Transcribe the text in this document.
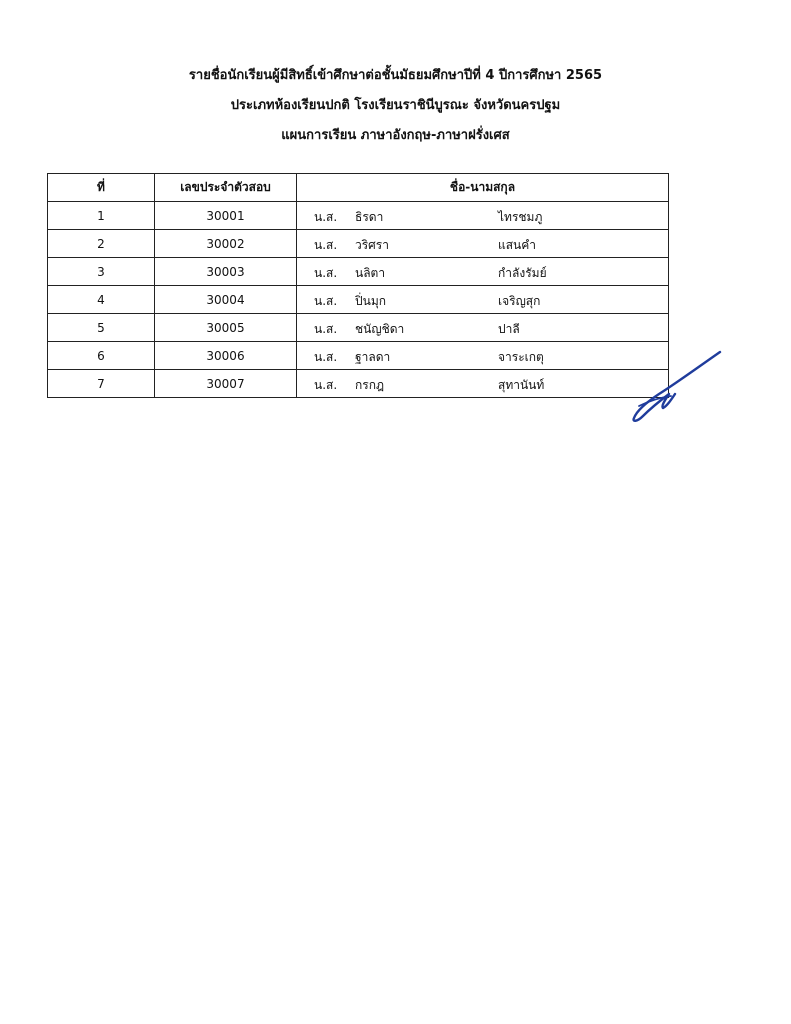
รายชื่อนักเรียนผู้มีสิทธิ์เข้าศึกษาต่อชั้นมัธยมศึกษาปีที่ 4 ปีการศึกษา 2565
ประเภทห้องเรียนปกติ โรงเรียนราชินีบูรณะ จังหวัดนครปฐม
แผนการเรียน ภาษาอังกฤษ-ภาษาฝรั่งเศส
ที่	เลขประจำตัวสอบ	ชื่อ-นามสกุล
1	30001	น.ส. ธิรดา ไทรชมภู

2	30002	น.ส. วริศรา แสนคำ

3	30003	น.ส. นลิตา กำลังรัมย์

4	30004	น.ส. ปิ่นมุก เจริญสุก

5	30005	น.ส. ชนัญชิดา ปาลี

6	30006	น.ส. ฐาลดา จาระเกตุ

7	30007	น.ส. กรกฎ สุทานันท์
